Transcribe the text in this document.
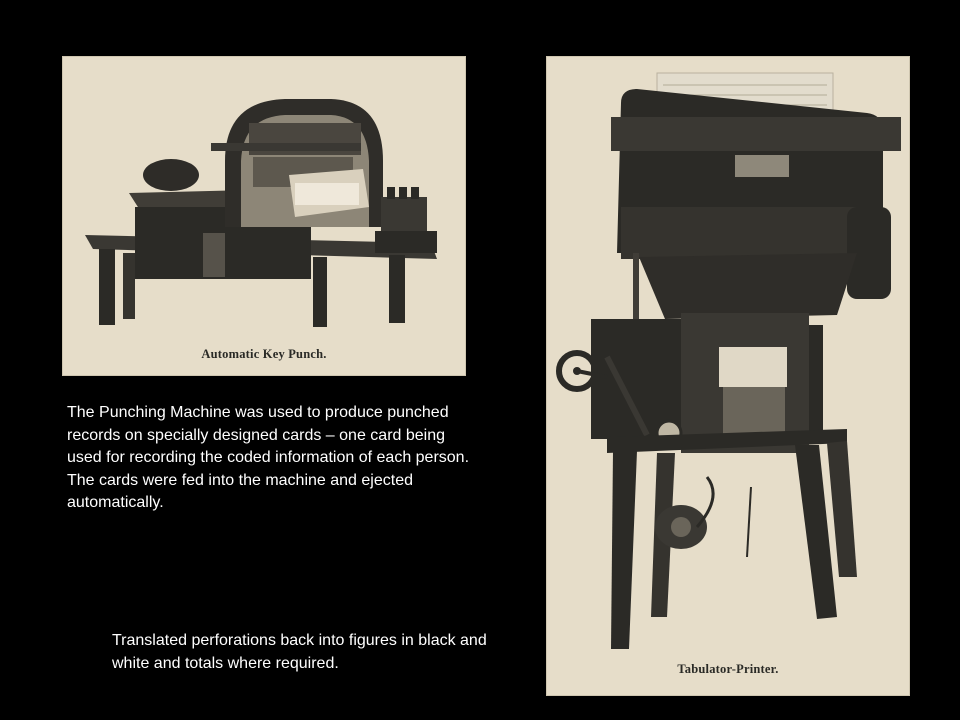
Automatic Key Punch.
Tabulator-Printer.

The Punching Machine was used to produce punched records on specially designed cards – one card being used for recording the coded information of each person. The cards were fed into the machine and ejected automatically.

Translated perforations back into figures in black and white and totals where required.
